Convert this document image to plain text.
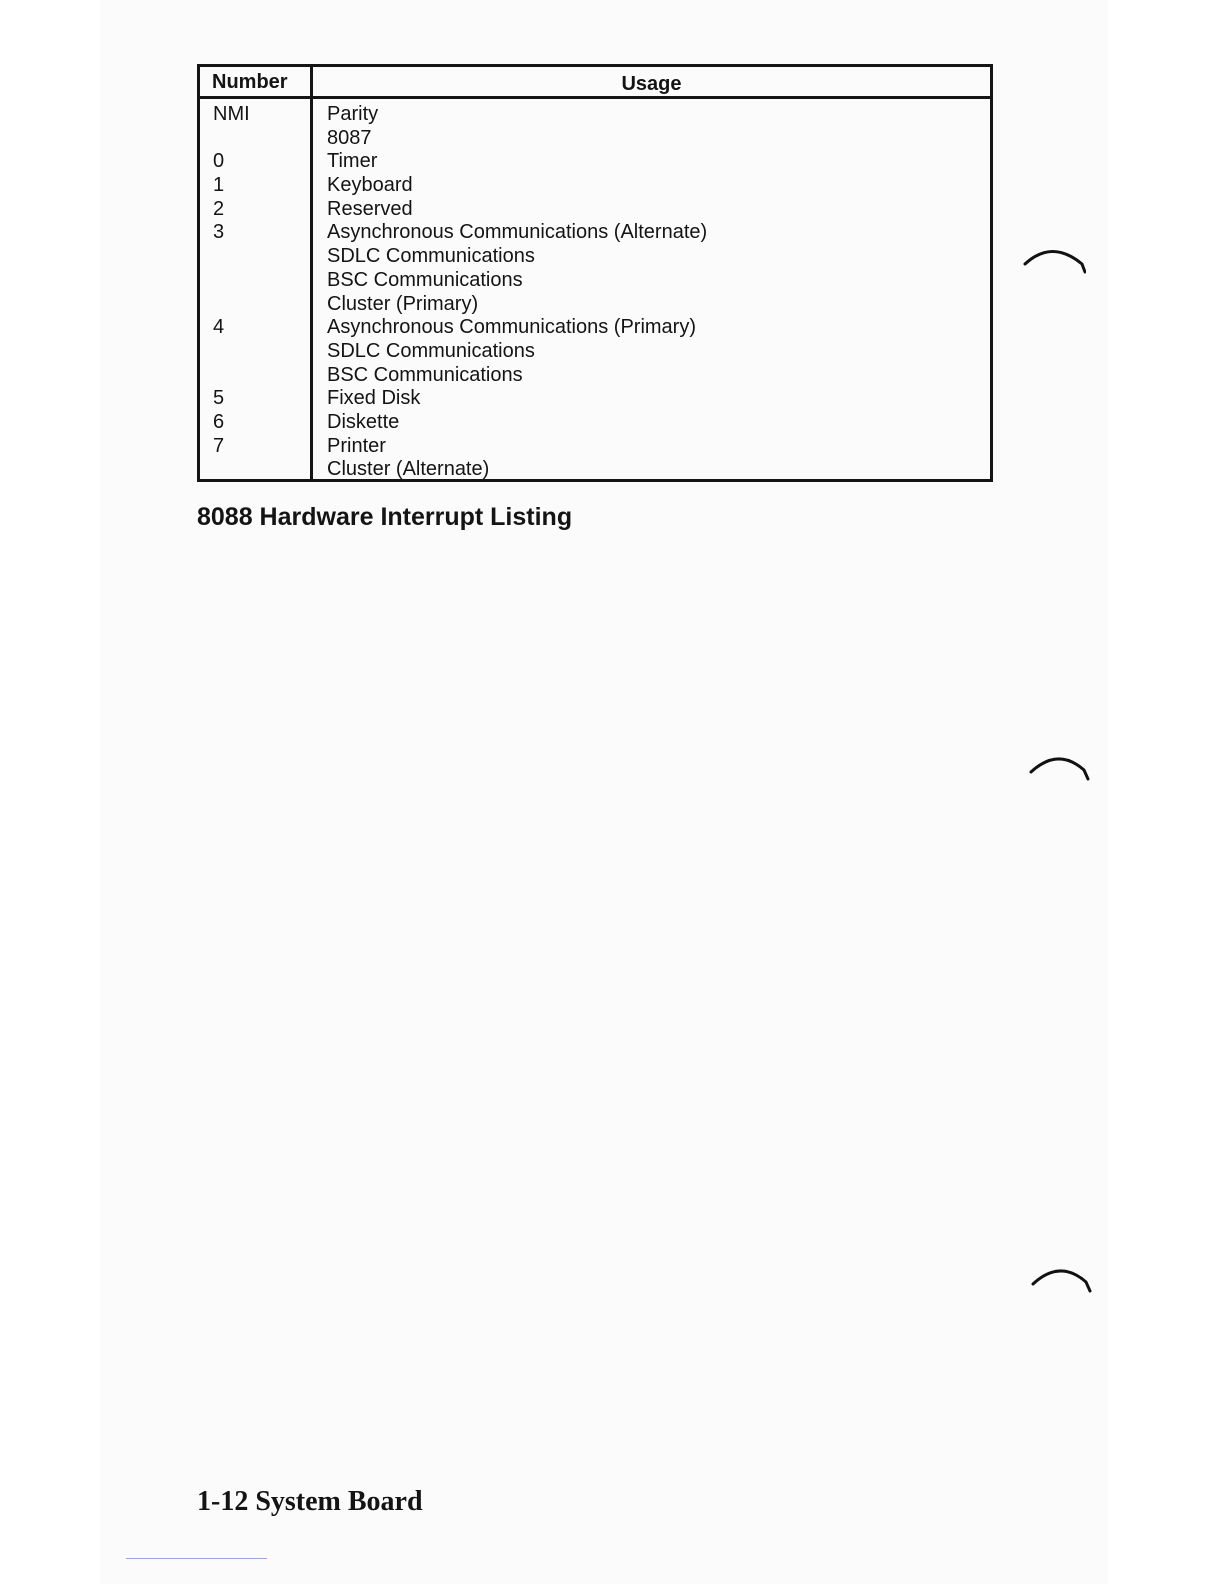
Number	Usage
NMI
0
1
2
3
4
5
6
7
Parity
8087
Timer
Keyboard
Reserved
Asynchronous Communications (Alternate)
SDLC Communications
BSC Communications
Cluster (Primary)
Asynchronous Communications (Primary)
SDLC Communications
BSC Communications
Fixed Disk
Diskette
Printer
Cluster (Alternate)
8088 Hardware Interrupt Listing
1-12 System Board
